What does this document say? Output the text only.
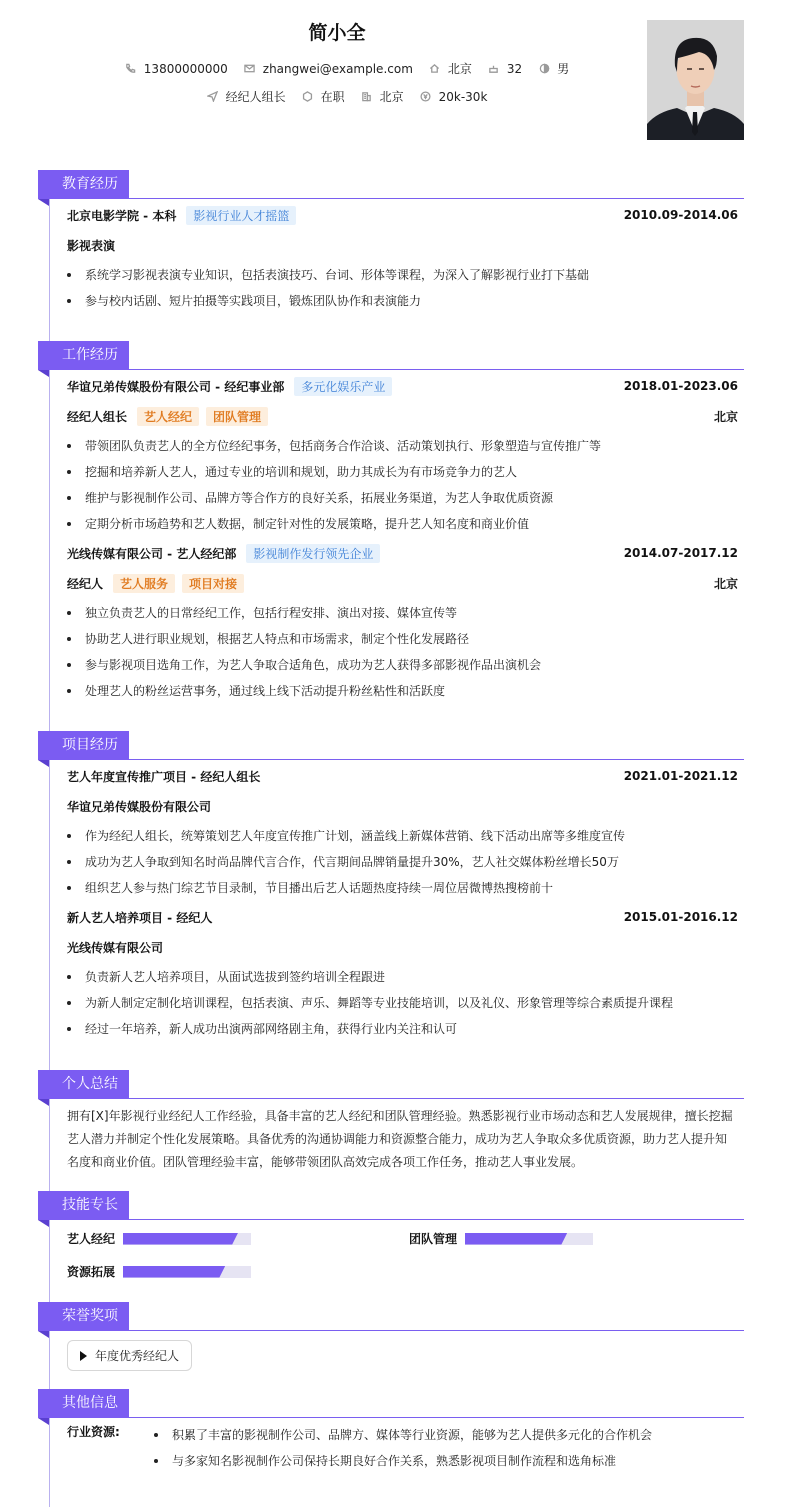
简小全
13800000000	zhangwei@example.com	北京	32	男
经纪人组长	在职	北京	20k-30k
教育经历
北京电影学院 - 本科	影视行业人才摇篮	2010.09-2014.06
影视表演
系统学习影视表演专业知识，包括表演技巧、台词、形体等课程，为深入了解影视行业打下基础
参与校内话剧、短片拍摄等实践项目，锻炼团队协作和表演能力
工作经历
华谊兄弟传媒股份有限公司 - 经纪事业部	多元化娱乐产业	2018.01-2023.06
经纪人组长	艺人经纪	团队管理	北京
带领团队负责艺人的全方位经纪事务，包括商务合作洽谈、活动策划执行、形象塑造与宣传推广等
挖掘和培养新人艺人，通过专业的培训和规划，助力其成长为有市场竞争力的艺人
维护与影视制作公司、品牌方等合作方的良好关系，拓展业务渠道，为艺人争取优质资源
定期分析市场趋势和艺人数据，制定针对性的发展策略，提升艺人知名度和商业价值
光线传媒有限公司 - 艺人经纪部	影视制作发行领先企业	2014.07-2017.12
经纪人	艺人服务	项目对接	北京
独立负责艺人的日常经纪工作，包括行程安排、演出对接、媒体宣传等
协助艺人进行职业规划，根据艺人特点和市场需求，制定个性化发展路径
参与影视项目选角工作，为艺人争取合适角色，成功为艺人获得多部影视作品出演机会
处理艺人的粉丝运营事务，通过线上线下活动提升粉丝粘性和活跃度
项目经历
艺人年度宣传推广项目 - 经纪人组长	2021.01-2021.12
华谊兄弟传媒股份有限公司
作为经纪人组长，统筹策划艺人年度宣传推广计划，涵盖线上新媒体营销、线下活动出席等多维度宣传
成功为艺人争取到知名时尚品牌代言合作，代言期间品牌销量提升30%，艺人社交媒体粉丝增长50万
组织艺人参与热门综艺节目录制，节目播出后艺人话题热度持续一周位居微博热搜榜前十
新人艺人培养项目 - 经纪人	2015.01-2016.12
光线传媒有限公司
负责新人艺人培养项目，从面试选拔到签约培训全程跟进
为新人制定定制化培训课程，包括表演、声乐、舞蹈等专业技能培训，以及礼仪、形象管理等综合素质提升课程
经过一年培养，新人成功出演两部网络剧主角，获得行业内关注和认可
个人总结
拥有[X]年影视行业经纪人工作经验，具备丰富的艺人经纪和团队管理经验。熟悉影视行业市场动态和艺人发展规律，擅长挖掘艺人潜力并制定个性化发展策略。具备优秀的沟通协调能力和资源整合能力，成功为艺人争取众多优质资源，助力艺人提升知名度和商业价值。团队管理经验丰富，能够带领团队高效完成各项工作任务，推动艺人事业发展。
技能专长
艺人经纪	团队管理
资源拓展
荣誉奖项
年度优秀经纪人
其他信息
行业资源:	积累了丰富的影视制作公司、品牌方、媒体等行业资源，能够为艺人提供多元化的合作机会
与多家知名影视制作公司保持长期良好合作关系，熟悉影视项目制作流程和选角标准
